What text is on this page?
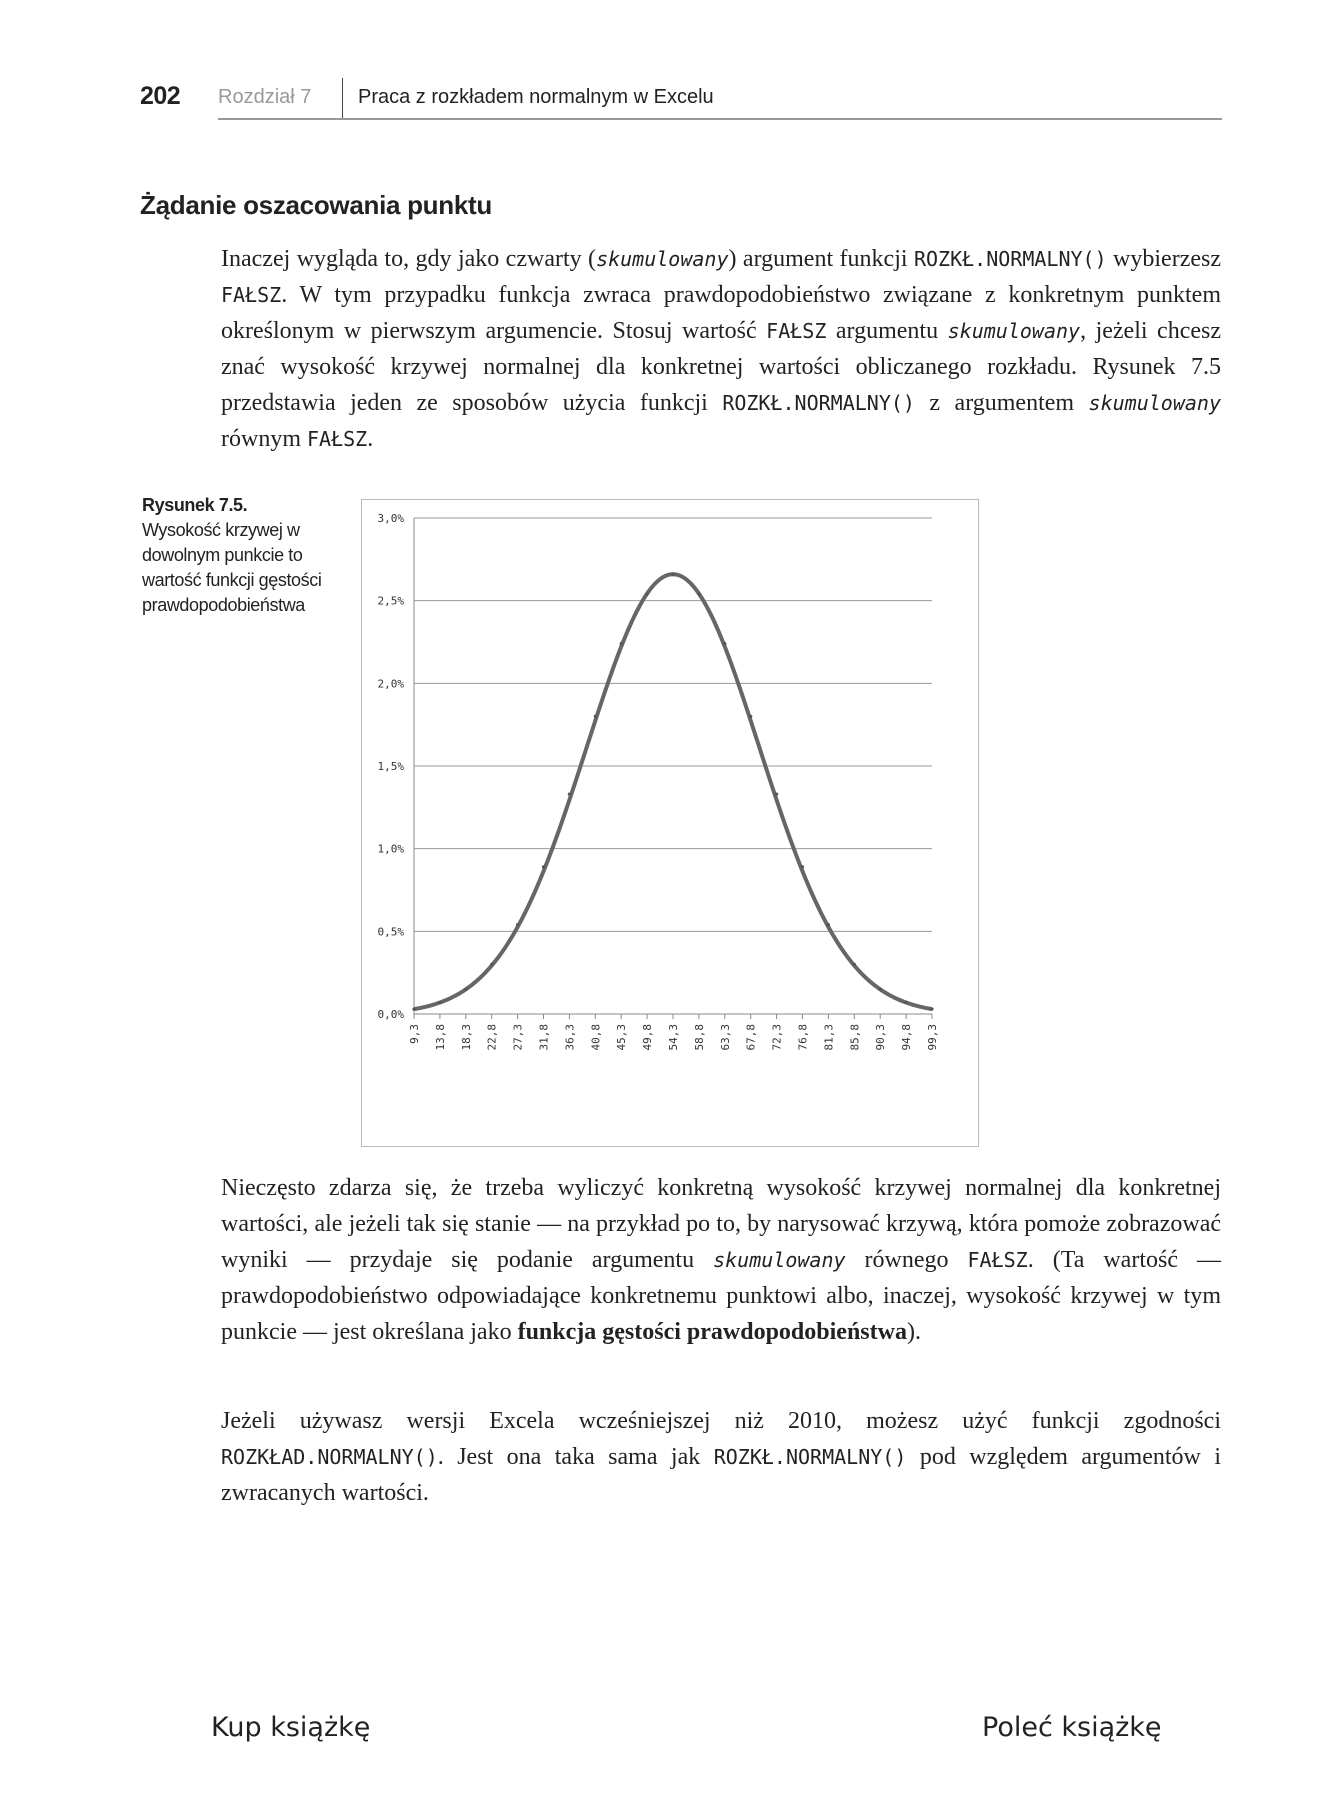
202 Rozdział 7 Praca z rozkładem normalnym w Excelu
Żądanie oszacowania punktu

Inaczej wygląda to, gdy jako czwarty (skumulowany) argument funkcji ROZKŁ.NORMALNY() wybierzesz FAŁSZ. W tym przypadku funkcja zwraca prawdopodobieństwo związane z konkretnym punktem określonym w pierwszym argumencie. Stosuj wartość FAŁSZ argumentu skumulowany, jeżeli chcesz znać wysokość krzywej normalnej dla konkretnej wartości obliczanego rozkładu. Rysunek 7.5 przedstawia jeden ze sposobów użycia funkcji ROZKŁ.NORMALNY() z argumentem skumulowany równym FAŁSZ.

Rysunek 7.5.
Wysokość krzywej w dowolnym punkcie to wartość funkcji gęstości prawdopodobieństwa
0,0%
0,5%
1,0%
1,5%
2,0%
2,5%
3,0%
9,3 13,8 18,3 22,8 27,3 31,8 36,3 40,8 45,3 49,8 54,3 58,8 63,3 67,8 72,3 76,8 81,3 85,8 90,3 94,8 99,3

Nieczęsto zdarza się, że trzeba wyliczyć konkretną wysokość krzywej normalnej dla konkretnej wartości, ale jeżeli tak się stanie — na przykład po to, by narysować krzywą, która pomoże zobrazować wyniki — przydaje się podanie argumentu skumulowany równego FAŁSZ. (Ta wartość — prawdopodobieństwo odpowiadające konkretnemu punktowi albo, inaczej, wysokość krzywej w tym punkcie — jest określana jako funkcja gęstości prawdopodobieństwa).

Jeżeli używasz wersji Excela wcześniejszej niż 2010, możesz użyć funkcji zgodności ROZKŁAD.NORMALNY(). Jest ona taka sama jak ROZKŁ.NORMALNY() pod względem argumentów i zwracanych wartości.

Kup książkę	Poleć książkę
